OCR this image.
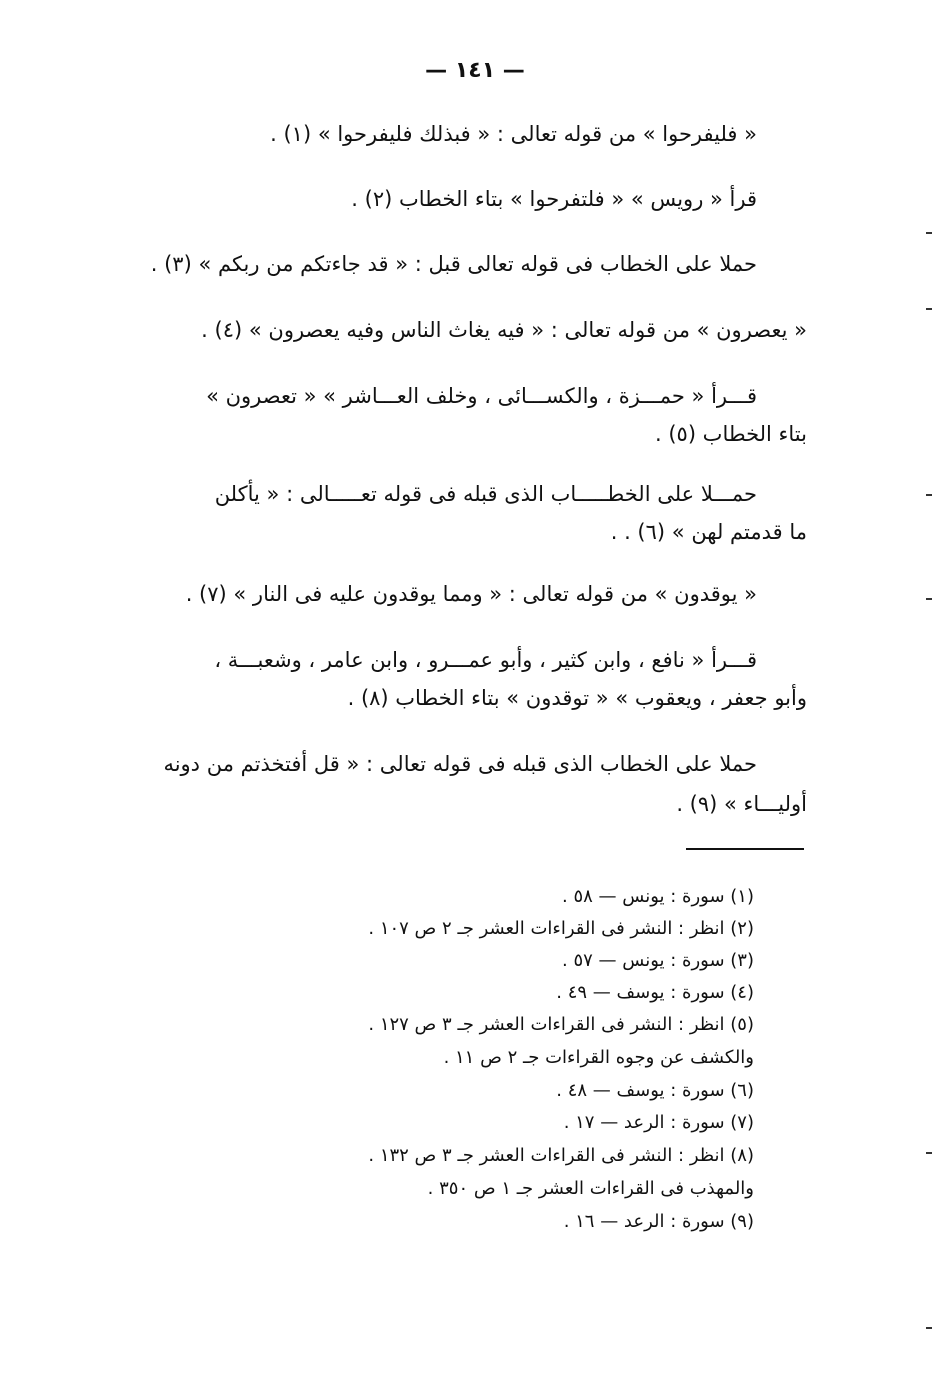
— ١٤١ —
« فليفرحوا » من قوله تعالى : « فبذلك فليفرحوا » (١) .
قرأ « رويس » « فلتفرحوا » بتاء الخطاب (٢) .
حملا على الخطاب فى قوله تعالى قبل : « قد جاءتكم من ربكم » (٣) .
« يعصرون » من قوله تعالى : « فيه يغاث الناس وفيه يعصرون » (٤) .
قـــرأ « حمـــزة ، والكســـائى ، وخلف العـــاشر » « تعصرون »
بتاء الخطاب (٥) .
حمـــلا على الخطـــــاب الذى قبله فى قوله تعـــــالى : « يأكلن
ما قدمتم لهن » (٦) . .
« يوقدون » من قوله تعالى : « ومما يوقدون عليه فى النار » (٧) .
قـــرأ « نافع ، وابن كثير ، وأبو عمـــرو ، وابن عامر ، وشعبـــة ،
وأبو جعفر ، ويعقوب » « توقدون » بتاء الخطاب (٨) .
حملا على الخطاب الذى قبله فى قوله تعالى : « قل أفتخذتم من دونه
أوليـــاء » (٩) .
(١) سورة : يونس — ٥٨ .
(٢) انظر : النشر فى القراءات العشر جـ ٢ ص ١٠٧ .
(٣) سورة : يونس — ٥٧ .
(٤) سورة : يوسف — ٤٩ .
(٥) انظر : النشر فى القراءات العشر جـ ٣ ص ١٢٧ .
والكشف عن وجوه القراءات جـ ٢ ص ١١ .
(٦) سورة : يوسف — ٤٨ .
(٧) سورة : الرعد — ١٧ .
(٨) انظر : النشر فى القراءات العشر جـ ٣ ص ١٣٢ .
والمهذب فى القراءات العشر جـ ١ ص ٣٥٠ .
(٩) سورة : الرعد — ١٦ .
